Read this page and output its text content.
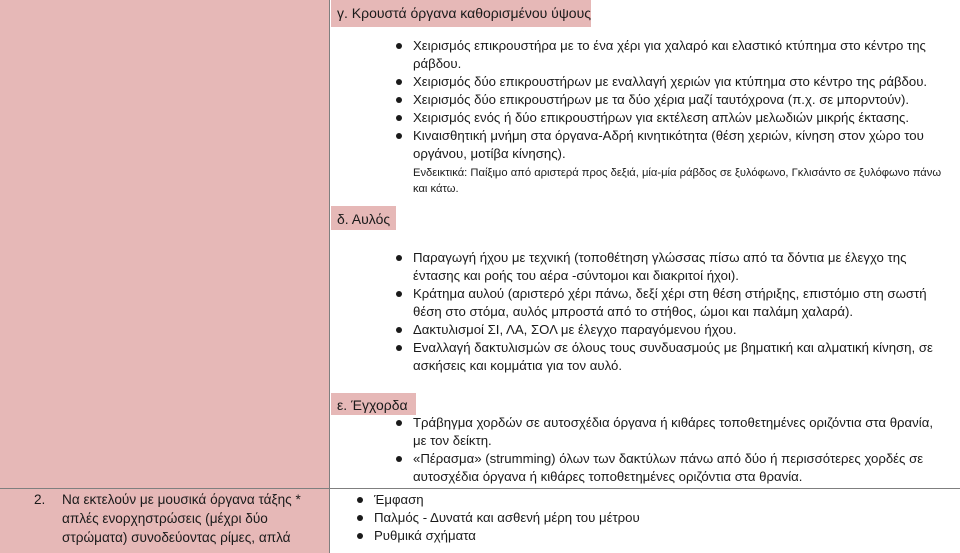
γ. Κρουστά όργανα καθορισμένου ύψους
Χειρισμός επικρουστήρα με το ένα χέρι για χαλαρό και ελαστικό κτύπημα στο κέντρο της ράβδου.
Χειρισμός δύο επικρουστήρων με εναλλαγή χεριών για κτύπημα στο κέντρο της ράβδου.
Χειρισμός δύο επικρουστήρων με τα δύο χέρια μαζί ταυτόχρονα (π.χ. σε μπορντούν).
Χειρισμός ενός ή δύο επικρουστήρων για εκτέλεση απλών μελωδιών μικρής έκτασης.
Κιναισθητική μνήμη στα όργανα-Αδρή κινητικότητα (θέση χεριών, κίνηση στον χώρο του οργάνου, μοτίβα κίνησης).
Ενδεικτικά: Παίξιμο από αριστερά προς δεξιά, μία-μία ράβδος σε ξυλόφωνο, Γκλισάντο σε ξυλόφωνο πάνω και κάτω.
δ. Αυλός
Παραγωγή ήχου με τεχνική (τοποθέτηση γλώσσας πίσω από τα δόντια με έλεγχο της έντασης και ροής του αέρα -σύντομοι και διακριτοί ήχοι).
Κράτημα αυλού (αριστερό χέρι πάνω, δεξί χέρι στη θέση στήριξης, επιστόμιο στη σωστή θέση στο στόμα, αυλός μπροστά από το στήθος, ώμοι και παλάμη χαλαρά).
Δακτυλισμοί ΣΙ, ΛΑ, ΣΟΛ με έλεγχο παραγόμενου ήχου.
Εναλλαγή δακτυλισμών σε όλους τους συνδυασμούς με βηματική και αλματική κίνηση, σε ασκήσεις και κομμάτια για τον αυλό.
ε. Έγχορδα
Τράβηγμα χορδών σε αυτοσχέδια όργανα ή κιθάρες τοποθετημένες οριζόντια στα θρανία, με τον δείκτη.
«Πέρασμα» (strumming) όλων των δακτύλων πάνω από δύο ή περισσότερες χορδές σε αυτοσχέδια όργανα ή κιθάρες τοποθετημένες οριζόντια στα θρανία.
2. Να εκτελούν με μουσικά όργανα τάξης *
απλές ενορχηστρώσεις (μέχρι δύο
στρώματα) συνοδεύοντας ρίμες, απλά
Έμφαση
Παλμός - Δυνατά και ασθενή μέρη του μέτρου
Ρυθμικά σχήματα
